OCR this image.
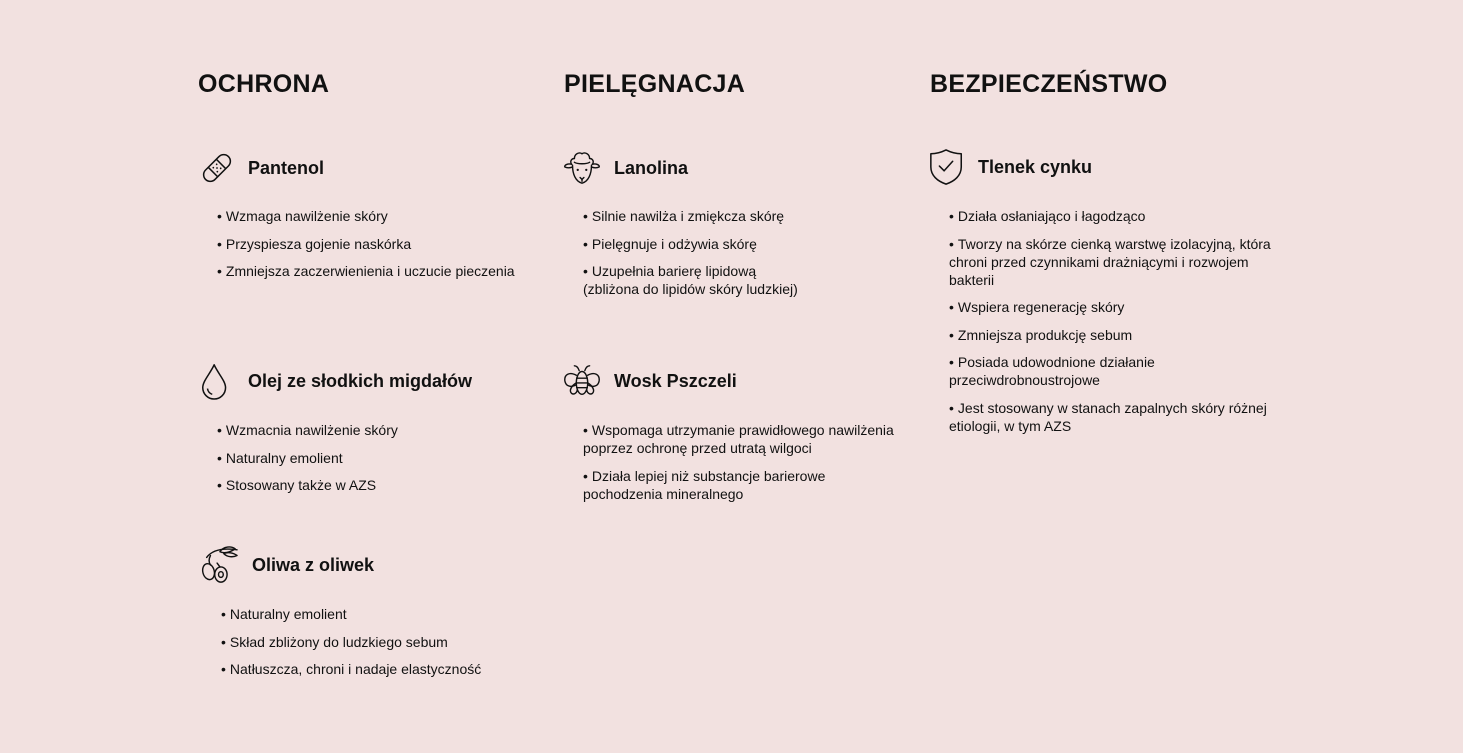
OCHRONA	PIELĘGNACJA	BEZPIECZEŃSTWO
Pantenol
• Wzmaga nawilżenie skóry
• Przyspiesza gojenie naskórka
• Zmniejsza zaczerwienienia i uczucie pieczenia
Olej ze słodkich migdałów
• Wzmacnia nawilżenie skóry
• Naturalny emolient
• Stosowany także w AZS
Oliwa z oliwek
• Naturalny emolient
• Skład zbliżony do ludzkiego sebum
• Natłuszcza, chroni i nadaje elastyczność
Lanolina
• Silnie nawilża i zmiękcza skórę
• Pielęgnuje i odżywia skórę
• Uzupełnia barierę lipidową
(zbliżona do lipidów skóry ludzkiej)
Wosk Pszczeli
• Wspomaga utrzymanie prawidłowego nawilżenia
poprzez ochronę przed utratą wilgoci
• Działa lepiej niż substancje barierowe
pochodzenia mineralnego
Tlenek cynku
• Działa osłaniająco i łagodząco
• Tworzy na skórze cienką warstwę izolacyjną, która
chroni przed czynnikami drażniącymi i rozwojem
bakterii
• Wspiera regenerację skóry
• Zmniejsza produkcję sebum
• Posiada udowodnione działanie
przeciwdrobnoustrojowe
• Jest stosowany w stanach zapalnych skóry różnej
etiologii, w tym AZS
